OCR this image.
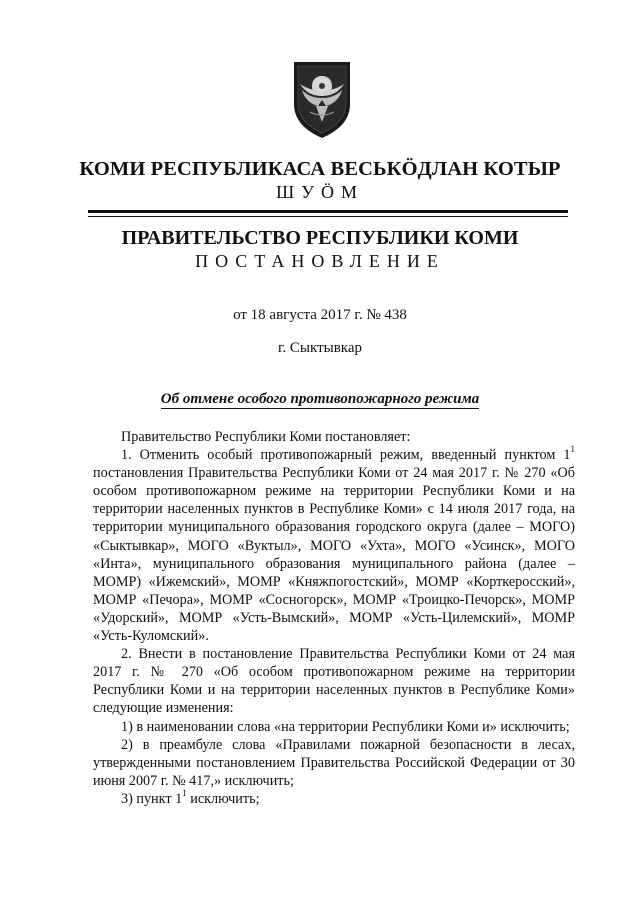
КОМИ РЕСПУБЛИКАСА ВЕСЬКÖДЛАН КОТЫР
ШУÖМ
ПРАВИТЕЛЬСТВО РЕСПУБЛИКИ КОМИ
ПОСТАНОВЛЕНИЕ
от 18 августа 2017 г. № 438
г. Сыктывкар
Об отмене особого противопожарного режима

Правительство Республики Коми постановляет:

1. Отменить особый противопожарный режим, введенный пунктом $1^1$ постановления Правительства Республики Коми от 24 мая 2017 г. № 270 «Об особом противопожарном режиме на территории Республики Коми и на территории населенных пунктов в Республике Коми» с 14 июля 2017 года, на территории муниципального образования городского округа (далее – МОГО) «Сыктывкар», МОГО «Вуктыл», МОГО «Ухта», МОГО «Усинск», МОГО «Инта», муниципального образования муниципального района (далее – МОМР) «Ижемский», МОМР «Княжпогостский», МОМР «Корткеросский», МОМР «Печора», МОМР «Сосногорск», МОМР «Троицко-Печорск», МОМР «Удорский», МОМР «Усть-Вымский», МОМР «Усть-Цилемский», МОМР «Усть-Куломский».

2. Внести в постановление Правительства Республики Коми от 24 мая 2017 г. № 270 «Об особом противопожарном режиме на территории Республики Коми и на территории населенных пунктов в Республике Коми» следующие изменения:

1) в наименовании слова «на территории Республики Коми и» исключить;

2) в преамбуле слова «Правилами пожарной безопасности в лесах, утвержденными постановлением Правительства Российской Федерации от 30 июня 2007 г. № 417,» исключить;

3) пункт $1^1$ исключить;
